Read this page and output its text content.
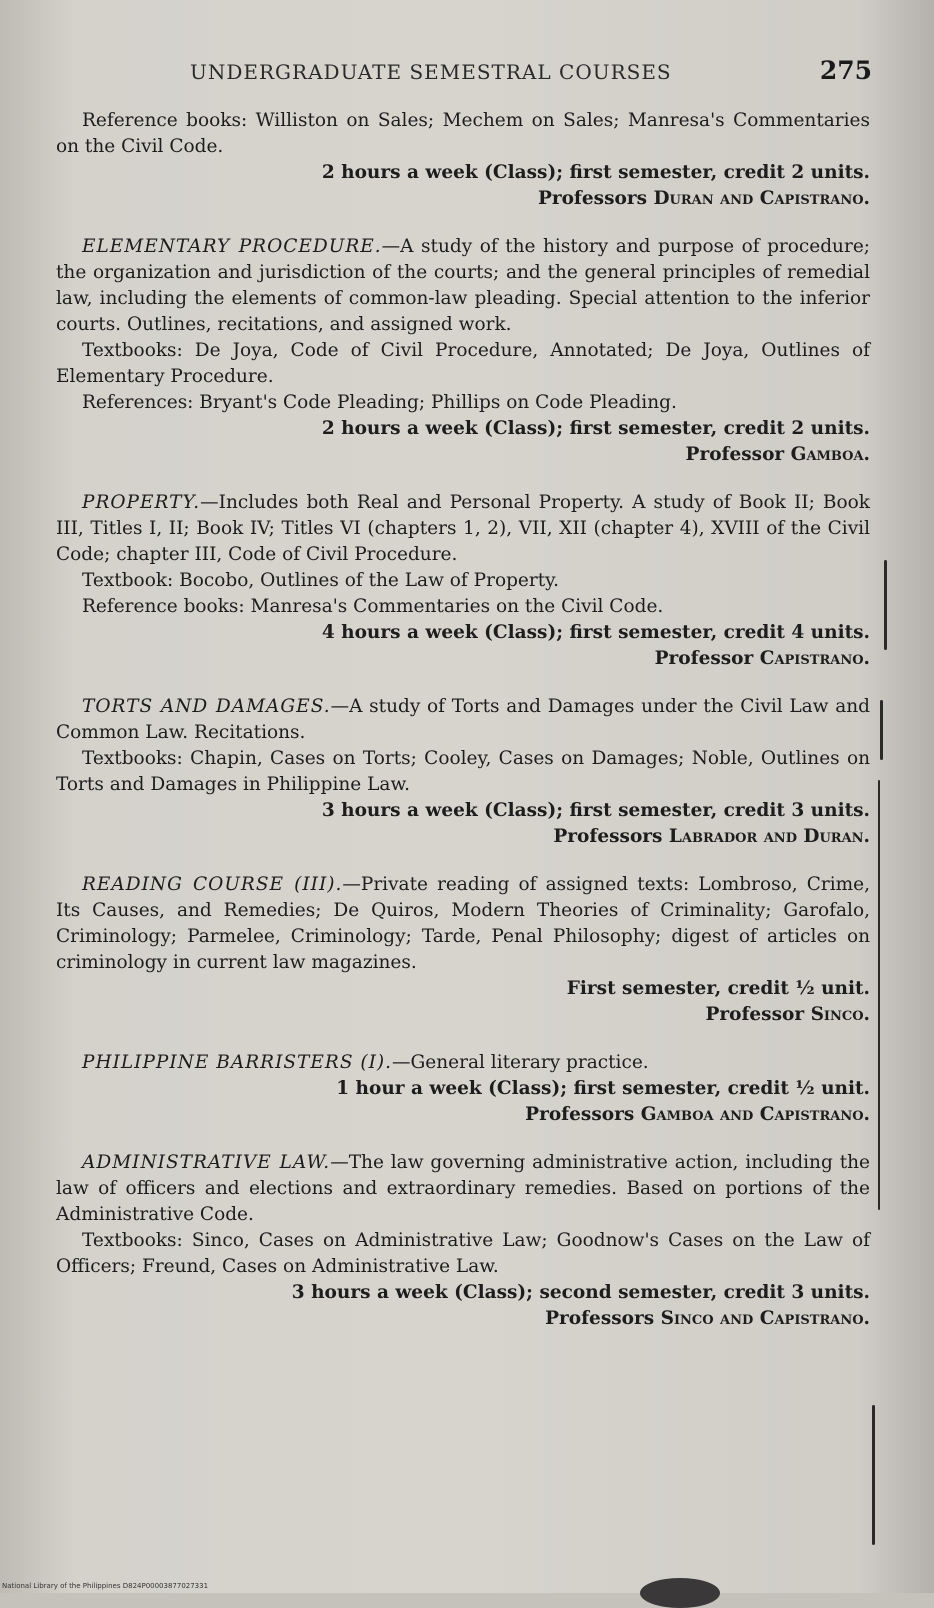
UNDERGRADUATE SEMESTRAL COURSES	275

Reference books: Williston on Sales; Mechem on Sales; Manresa's Commentaries on the Civil Code.

2 hours a week (Class); first semester, credit 2 units.

Professors Duran and Capistrano.

ELEMENTARY PROCEDURE.—A study of the history and purpose of procedure; the organization and jurisdiction of the courts; and the general principles of remedial law, including the elements of common-law pleading. Special attention to the inferior courts. Outlines, recitations, and assigned work.

Textbooks: De Joya, Code of Civil Procedure, Annotated; De Joya, Outlines of Elementary Procedure.

References: Bryant's Code Pleading; Phillips on Code Pleading.

2 hours a week (Class); first semester, credit 2 units.

Professor Gamboa.

PROPERTY.—Includes both Real and Personal Property. A study of Book II; Book III, Titles I, II; Book IV; Titles VI (chapters 1, 2), VII, XII (chapter 4), XVIII of the Civil Code; chapter III, Code of Civil Procedure.

Textbook: Bocobo, Outlines of the Law of Property.

Reference books: Manresa's Commentaries on the Civil Code.

4 hours a week (Class); first semester, credit 4 units.

Professor Capistrano.

TORTS AND DAMAGES.—A study of Torts and Damages under the Civil Law and Common Law. Recitations.

Textbooks: Chapin, Cases on Torts; Cooley, Cases on Damages; Noble, Outlines on Torts and Damages in Philippine Law.

3 hours a week (Class); first semester, credit 3 units.

Professors Labrador and Duran.

READING COURSE (III).—Private reading of assigned texts: Lombroso, Crime, Its Causes, and Remedies; De Quiros, Modern Theories of Criminality; Garofalo, Criminology; Parmelee, Criminology; Tarde, Penal Philosophy; digest of articles on criminology in current law magazines.

First semester, credit ½ unit.

Professor Sinco.

PHILIPPINE BARRISTERS (I).—General literary practice.

1 hour a week (Class); first semester, credit ½ unit.

Professors Gamboa and Capistrano.

ADMINISTRATIVE LAW.—The law governing administrative action, including the law of officers and elections and extraordinary remedies. Based on portions of the Administrative Code.

Textbooks: Sinco, Cases on Administrative Law; Goodnow's Cases on the Law of Officers; Freund, Cases on Administrative Law.

3 hours a week (Class); second semester, credit 3 units.

Professors Sinco and Capistrano.

National Library of the Philippines D824P00003877027331
